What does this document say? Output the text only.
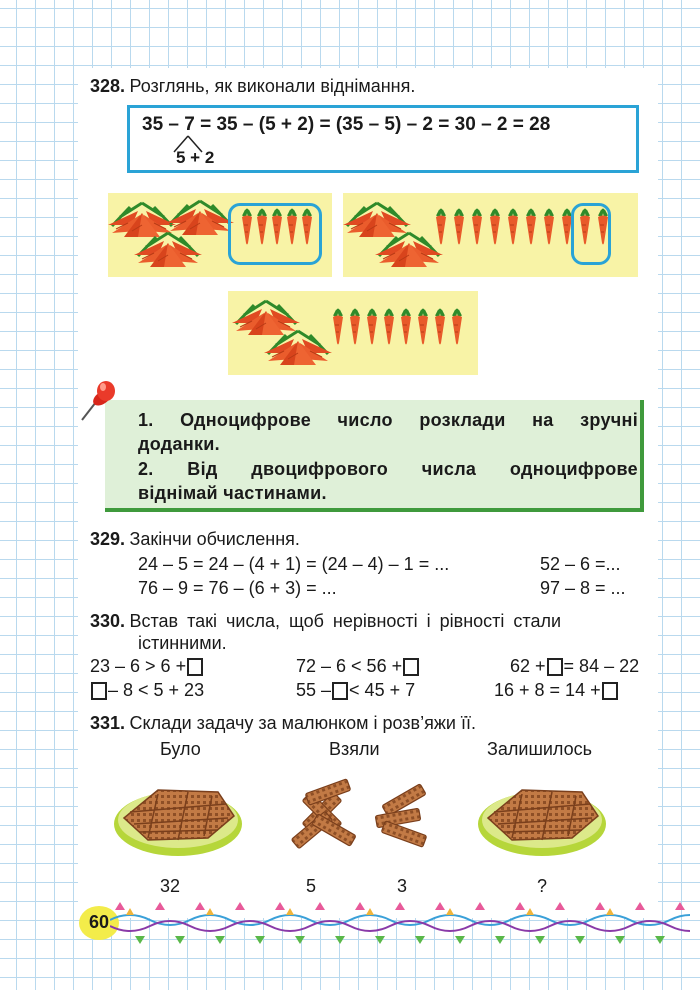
328. Розглянь, як виконали віднімання.
35 – 7 = 35 – (5 + 2) = (35 – 5) – 2 = 30 – 2 = 28
5 + 2
1. Одноцифрове число розклади на зручні
доданки.
2. Від двоцифрового числа одноцифрове
віднімай частинами.
329. Закінчи обчислення.
24 – 5 = 24 – (4 + 1) = (24 – 4) – 1 = ...	52 – 6 =...
76 – 9 = 76 – (6 + 3) = ...	97 – 8 = ...
330. Встав такі числа, щоб нерівності і рівності стали
істинними.
23 – 6 > 6 +	72 – 6 < 56 +	62 + = 84 – 22
– 8 < 5 + 23	55 – < 45 + 7	16 + 8 = 14 +
331. Склади задачу за малюнком і розв’яжи її.
Було	Взяли	Залишилось
32	5	3	?
60
